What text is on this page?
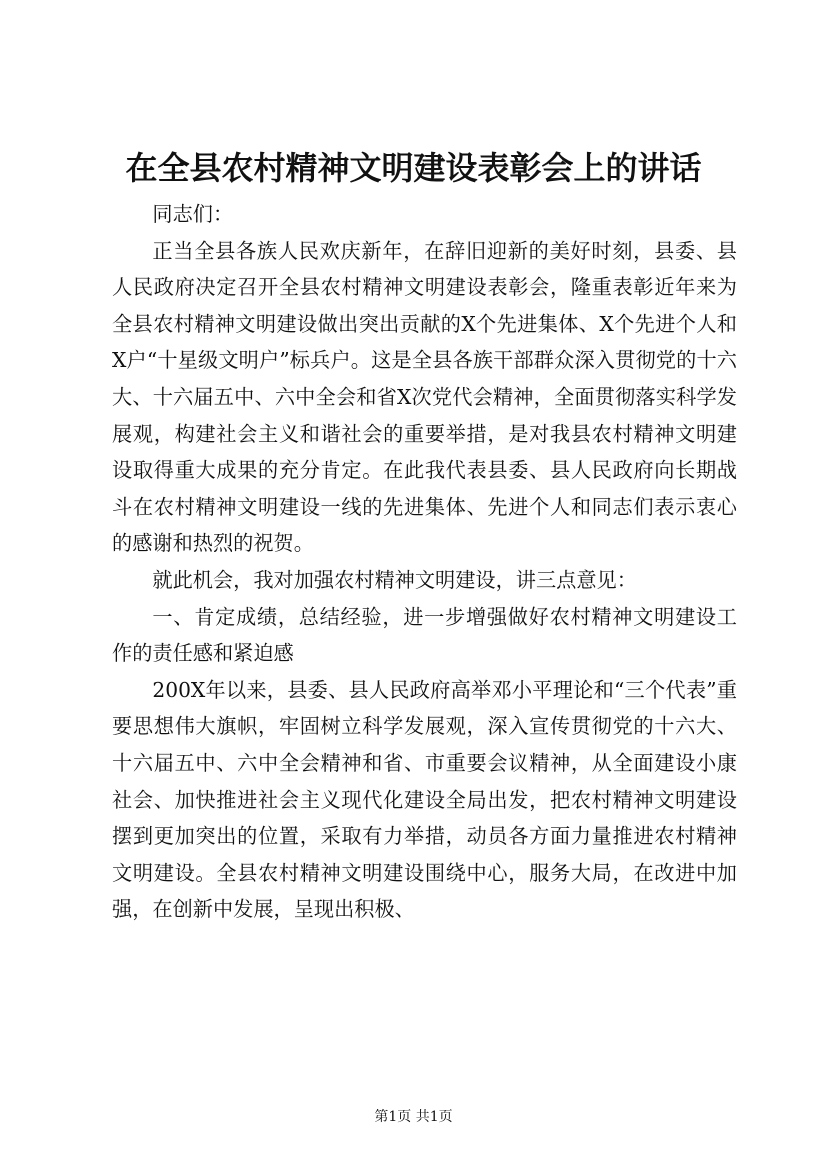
在全县农村精神文明建设表彰会上的讲话

同志们：

正当全县各族人民欢庆新年，在辞旧迎新的美好时刻，县委、县人民政府决定召开全县农村精神文明建设表彰会，隆重表彰近年来为全县农村精神文明建设做出突出贡献的X个先进集体、X个先进个人和X户“十星级文明户”标兵户。这是全县各族干部群众深入贯彻党的十六大、十六届五中、六中全会和省X次党代会精神，全面贯彻落实科学发展观，构建社会主义和谐社会的重要举措，是对我县农村精神文明建设取得重大成果的充分肯定。在此我代表县委、县人民政府向长期战斗在农村精神文明建设一线的先进集体、先进个人和同志们表示衷心的感谢和热烈的祝贺。

就此机会，我对加强农村精神文明建设，讲三点意见：

一、肯定成绩，总结经验，进一步增强做好农村精神文明建设工作的责任感和紧迫感

200X年以来，县委、县人民政府高举邓小平理论和“三个代表”重要思想伟大旗帜，牢固树立科学发展观，深入宣传贯彻党的十六大、十六届五中、六中全会精神和省、市重要会议精神，从全面建设小康社会、加快推进社会主义现代化建设全局出发，把农村精神文明建设摆到更加突出的位置，采取有力举措，动员各方面力量推进农村精神文明建设。全县农村精神文明建设围绕中心，服务大局，在改进中加强，在创新中发展，呈现出积极、

第1页 共1页
